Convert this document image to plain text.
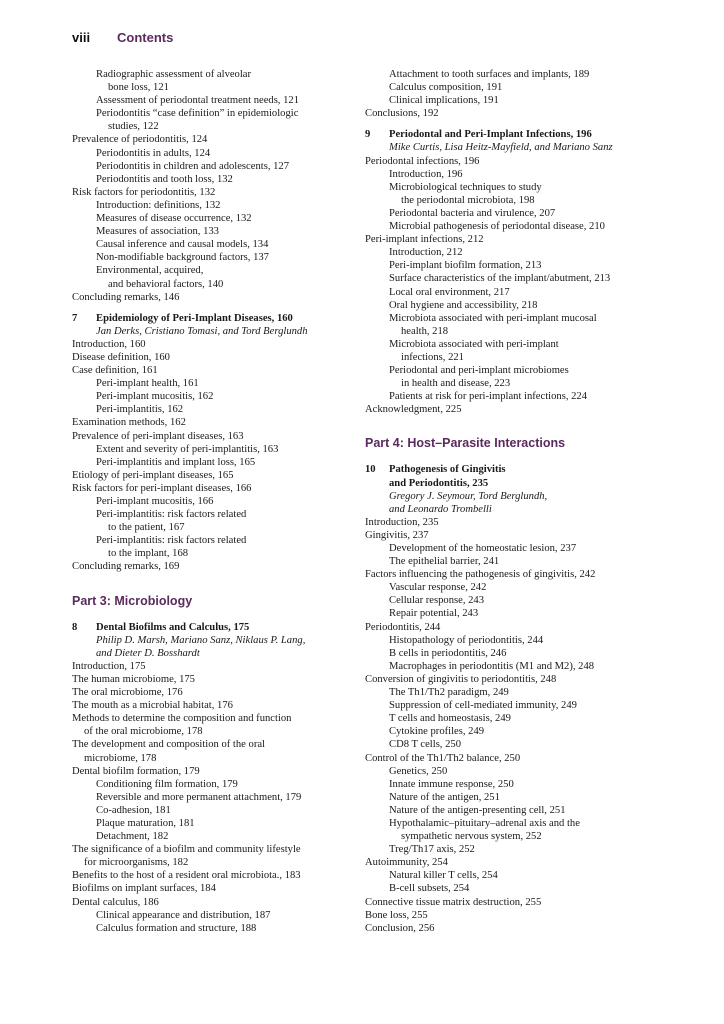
viii Contents
Radiographic assessment of alveolar
bone loss, 121
Assessment of periodontal treatment needs, 121
Periodontitis “case definition” in epidemiologic
studies, 122
Prevalence of periodontitis, 124
Periodontitis in adults, 124
Periodontitis in children and adolescents, 127
Periodontitis and tooth loss, 132
Risk factors for periodontitis, 132
Introduction: definitions, 132
Measures of disease occurrence, 132
Measures of association, 133
Causal inference and causal models, 134
Non-modifiable background factors, 137
Environmental, acquired,
and behavioral factors, 140
Concluding remarks, 146
7 Epidemiology of Peri-Implant Diseases, 160
Jan Derks, Cristiano Tomasi, and Tord Berglundh
Introduction, 160
Disease definition, 160
Case definition, 161
Peri-implant health, 161
Peri-implant mucositis, 162
Peri-implantitis, 162
Examination methods, 162
Prevalence of peri-implant diseases, 163
Extent and severity of peri-implantitis, 163
Peri-implantitis and implant loss, 165
Etiology of peri-implant diseases, 165
Risk factors for peri-implant diseases, 166
Peri-implant mucositis, 166
Peri-implantitis: risk factors related
to the patient, 167
Peri-implantitis: risk factors related
to the implant, 168
Concluding remarks, 169
Part 3: Microbiology
8 Dental Biofilms and Calculus, 175
Philip D. Marsh, Mariano Sanz, Niklaus P. Lang,
and Dieter D. Bosshardt
Introduction, 175
The human microbiome, 175
The oral microbiome, 176
The mouth as a microbial habitat, 176
Methods to determine the composition and function
of the oral microbiome, 178
The development and composition of the oral
microbiome, 178
Dental biofilm formation, 179
Conditioning film formation, 179
Reversible and more permanent attachment, 179
Co-adhesion, 181
Plaque maturation, 181
Detachment, 182
The significance of a biofilm and community lifestyle
for microorganisms, 182
Benefits to the host of a resident oral microbiota., 183
Biofilms on implant surfaces, 184
Dental calculus, 186
Clinical appearance and distribution, 187
Calculus formation and structure, 188
Attachment to tooth surfaces and implants, 189
Calculus composition, 191
Clinical implications, 191
Conclusions, 192
9 Periodontal and Peri-Implant Infections, 196
Mike Curtis, Lisa Heitz-Mayfield, and Mariano Sanz
Periodontal infections, 196
Introduction, 196
Microbiological techniques to study
the periodontal microbiota, 198
Periodontal bacteria and virulence, 207
Microbial pathogenesis of periodontal disease, 210
Peri-implant infections, 212
Introduction, 212
Peri-implant biofilm formation, 213
Surface characteristics of the implant/abutment, 213
Local oral environment, 217
Oral hygiene and accessibility, 218
Microbiota associated with peri-implant mucosal
health, 218
Microbiota associated with peri-implant
infections, 221
Periodontal and peri-implant microbiomes
in health and disease, 223
Patients at risk for peri-implant infections, 224
Acknowledgment, 225
Part 4: Host–Parasite Interactions
10 Pathogenesis of Gingivitis
and Periodontitis, 235
Gregory J. Seymour, Tord Berglundh,
and Leonardo Trombelli
Introduction, 235
Gingivitis, 237
Development of the homeostatic lesion, 237
The epithelial barrier, 241
Factors influencing the pathogenesis of gingivitis, 242
Vascular response, 242
Cellular response, 243
Repair potential, 243
Periodontitis, 244
Histopathology of periodontitis, 244
B cells in periodontitis, 246
Macrophages in periodontitis (M1 and M2), 248
Conversion of gingivitis to periodontitis, 248
The Th1/Th2 paradigm, 249
Suppression of cell-mediated immunity, 249
T cells and homeostasis, 249
Cytokine profiles, 249
CD8 T cells, 250
Control of the Th1/Th2 balance, 250
Genetics, 250
Innate immune response, 250
Nature of the antigen, 251
Nature of the antigen-presenting cell, 251
Hypothalamic–pituitary–adrenal axis and the
sympathetic nervous system, 252
Treg/Th17 axis, 252
Autoimmunity, 254
Natural killer T cells, 254
B-cell subsets, 254
Connective tissue matrix destruction, 255
Bone loss, 255
Conclusion, 256
